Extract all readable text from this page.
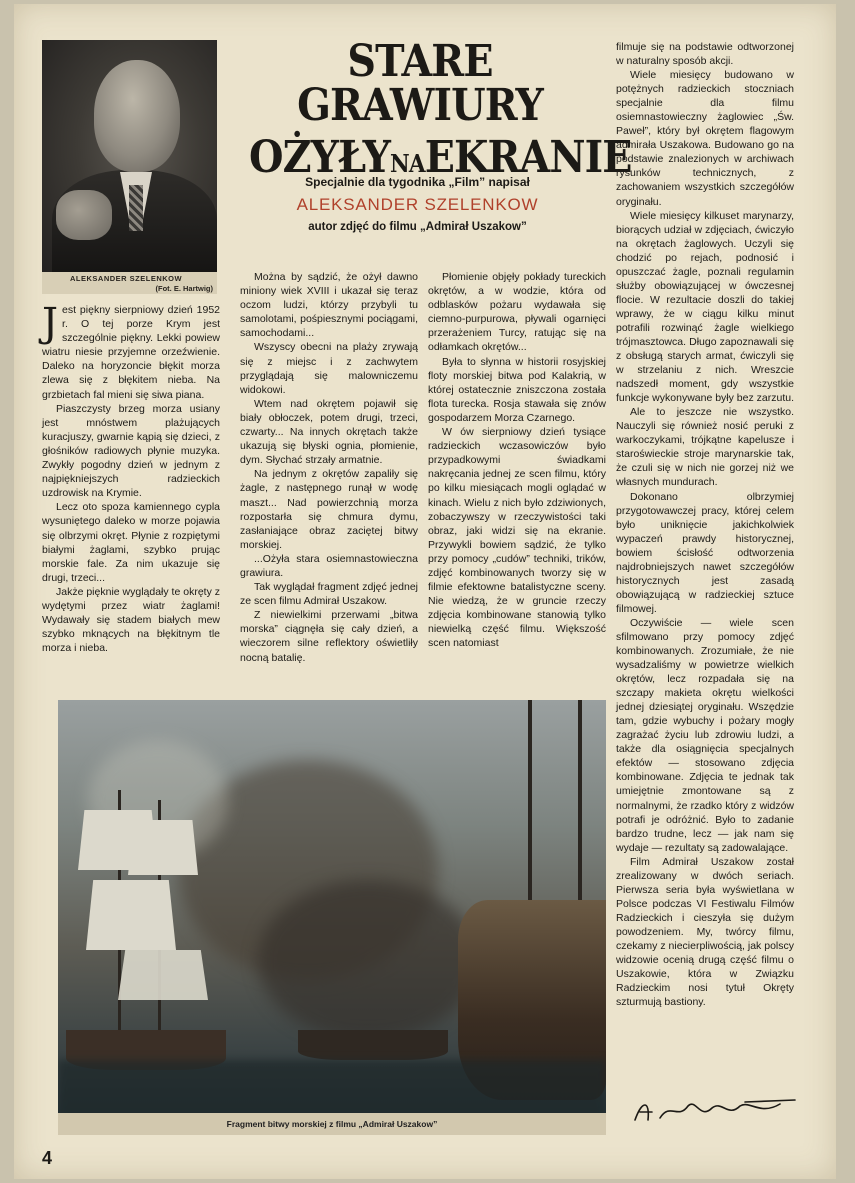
ALEKSANDER SZELENKOW
(Fot. E. Hartwig)
STARE GRAWIURY
OŻYŁYNAEKRANIE
Specjalnie dla tygodnika „Film” napisał
ALEKSANDER SZELENKOW
autor zdjęć do filmu „Admirał Uszakow”

Jest piękny sierpniowy dzień 1952 r. O tej porze Krym jest szczególnie piękny. Lekki powiew wiatru niesie przyjemne orzeźwienie. Daleko na horyzoncie błękit morza zlewa się z błękitem nieba. Na grzbietach fal mieni się siwa piana.

Piaszczysty brzeg morza usiany jest mnóstwem plażujących kuracjuszy, gwarnie kąpią się dzieci, z głośników radiowych płynie muzyka. Zwykły pogodny dzień w jednym z najpiękniejszych radzieckich uzdrowisk na Krymie.

Lecz oto spoza kamiennego cypla wysuniętego daleko w morze pojawia się olbrzymi okręt. Płynie z rozpiętymi białymi żaglami, szybko prując morskie fale. Za nim ukazuje się drugi, trzeci...

Jakże pięknie wyglądały te okręty z wydętymi przez wiatr żaglami! Wydawały się stadem białych mew szybko mknących na błękitnym tle morza i nieba.

Można by sądzić, że ożył dawno miniony wiek XVIII i ukazał się teraz oczom ludzi, którzy przybyli tu samolotami, pośpiesznymi pociągami, samochodami...

Wszyscy obecni na plaży zrywają się z miejsc i z zachwytem przyglądają się malowniczemu widokowi.

Wtem nad okrętem pojawił się biały obłoczek, potem drugi, trzeci, czwarty... Na innych okrętach także ukazują się błyski ognia, płomienie, dym. Słychać strzały armatnie.

Na jednym z okrętów zapaliły się żagle, z następnego runął w wodę maszt... Nad powierzchnią morza rozpostarła się chmura dymu, zasłaniające obraz zaciętej bitwy morskiej.

...Ożyła stara osiemnastowieczna grawiura.

Tak wyglądał fragment zdjęć jednej ze scen filmu Admirał Uszakow.

Z niewielkimi przerwami „bitwa morska” ciągnęła się cały dzień, a wieczorem silne reflektory oświetliły nocną batalię.

Płomienie objęły pokłady tureckich okrętów, a w wodzie, która od odblasków pożaru wydawała się ciemno-purpurowa, pływali ogarnięci przerażeniem Turcy, ratując się na odłamkach okrętów...

Była to słynna w historii rosyjskiej floty morskiej bitwa pod Kalakrią, w której ostatecznie zniszczona została flota turecka. Rosja stawała się znów gospodarzem Morza Czarnego.

W ów sierpniowy dzień tysiące radzieckich wczasowiczów było przypadkowymi świadkami nakręcania jednej ze scen filmu, który po kilku miesiącach mogli oglądać w kinach. Wielu z nich było zdziwionych, zobaczywszy w rzeczywistości taki obraz, jaki widzi się na ekranie. Przywykli bowiem sądzić, że tylko przy pomocy „cudów” techniki, trików, zdjęć kombinowanych tworzy się w filmie efektowne batalistyczne sceny. Nie wiedzą, że w gruncie rzeczy zdjęcia kombinowane stanowią tylko niewielką część filmu. Większość scen natomiast

filmuje się na podstawie odtworzonej w naturalny sposób akcji.

Wiele miesięcy budowano w potężnych radzieckich stoczniach specjalnie dla filmu osiemnastowieczny żaglowiec „Św. Paweł”, który był okrętem flagowym admirała Uszakowa. Budowano go na podstawie znalezionych w archiwach rysunków technicznych, z zachowaniem wszystkich szczegółów oryginału.

Wiele miesięcy kilkuset marynarzy, biorących udział w zdjęciach, ćwiczyło na okrętach żaglowych. Uczyli się chodzić po rejach, podnosić i opuszczać żagle, poznali regulamin służby obowiązującej w ówczesnej flocie. W rezultacie doszli do takiej wprawy, że w ciągu kilku minut potrafili rozwinąć żagle wielkiego trójmasztowca. Długo zapoznawali się z obsługą starych armat, ćwiczyli się w strzelaniu z nich. Wreszcie nadszedł moment, gdy wszystkie funkcje wykonywane były bez zarzutu.

Ale to jeszcze nie wszystko. Nauczyli się również nosić peruki z warkoczykami, trójkątne kapelusze i staroświeckie stroje marynarskie tak, że czuli się w nich nie gorzej niż we własnych mundurach.

Dokonano olbrzymiej przygotowawczej pracy, której celem było uniknięcie jakichkolwiek wypaczeń prawdy historycznej, bowiem ścisłość odtworzenia najdrobniejszych nawet szczegółów historycznych jest zasadą obowiązującą w radzieckiej sztuce filmowej.

Oczywiście — wiele scen sfilmowano przy pomocy zdjęć kombinowanych. Zrozumiałe, że nie wysadzaliśmy w powietrze wielkich okrętów, lecz rozpadała się na szczapy makieta okrętu wielkości jednej dziesiątej oryginału. Wszędzie tam, gdzie wybuchy i pożary mogły zagrażać życiu lub zdrowiu ludzi, a także dla osiągnięcia specjalnych efektów — stosowano zdjęcia kombinowane. Zdjęcia te jednak tak umiejętnie zmontowane są z normalnymi, że rzadko który z widzów potrafi je odróżnić. Było to zadanie bardzo trudne, lecz — jak nam się wydaje — rezultaty są zadowalające.

Film Admirał Uszakow został zrealizowany w dwóch seriach. Pierwsza seria była wyświetlana w Polsce podczas VI Festiwalu Filmów Radzieckich i cieszyła się dużym powodzeniem. My, twórcy filmu, czekamy z niecierpliwością, jak polscy widzowie ocenią drugą część filmu o Uszakowie, która w Związku Radzieckim nosi tytuł Okręty szturmują bastiony.

Fragment bitwy morskiej z filmu „Admirał Uszakow”
4
